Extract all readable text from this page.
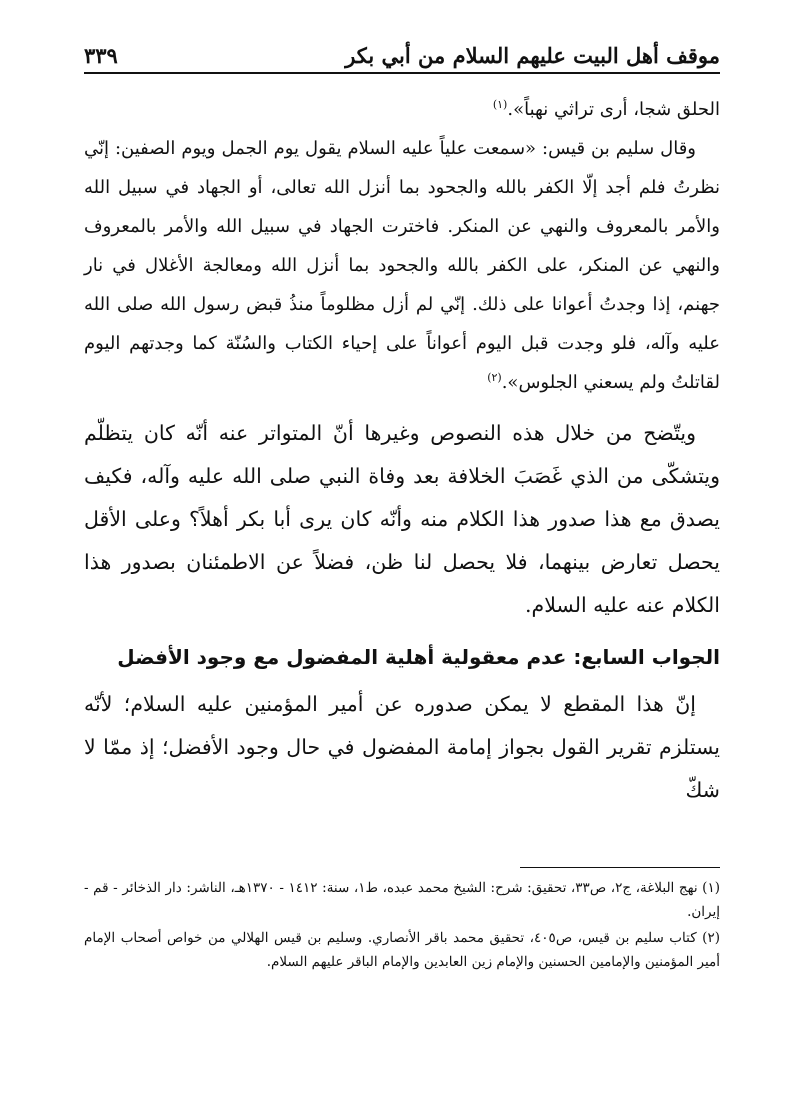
موقف أهل البيت عليهم السلام من أبي بكر
٣٣٩

الحلق شجا، أرى تراثي نهباً».$^{(١)}$

وقال سليم بن قيس: «سمعت علياً عليه السلام يقول يوم الجمل ويوم الصفين: إنّي نظرتُ فلم أجد إلّا الكفر بالله والجحود بما أنزل الله تعالى، أو الجهاد في سبيل الله والأمر بالمعروف والنهي عن المنكر. فاخترت الجهاد في سبيل الله والأمر بالمعروف والنهي عن المنكر، على الكفر بالله والجحود بما أنزل الله ومعالجة الأغلال في نار جهنم، إذا وجدتُ أعوانا على ذلك. إنّي لم أزل مظلوماً منذُ قبض رسول الله صلى الله عليه وآله، فلو وجدت قبل اليوم أعواناً على إحياء الكتاب والسُنّة كما وجدتهم اليوم لقاتلتُ ولم يسعني الجلوس».$^{(٢)}$

ويتّضح من خلال هذه النصوص وغيرها أنّ المتواتر عنه أنّه كان يتظلّم ويتشكّى من الذي غَصَبَ الخلافة بعد وفاة النبي صلى الله عليه وآله، فكيف يصدق مع هذا صدور هذا الكلام منه وأنّه كان يرى أبا بكر أهلاً؟ وعلى الأقل يحصل تعارض بينهما، فلا يحصل لنا ظن، فضلاً عن الاطمئنان بصدور هذا الكلام عنه عليه السلام.

الجواب السابع: عدم معقولية أهلية المفضول مع وجود الأفضل

إنّ هذا المقطع لا يمكن صدوره عن أمير المؤمنين عليه السلام؛ لأنّه يستلزم تقرير القول بجواز إمامة المفضول في حال وجود الأفضل؛ إذ ممّا لا شكّ

(١) نهج البلاغة، ج٢، ص٣٣، تحقيق: شرح: الشيخ محمد عبده، ط١، سنة: ١٤١٢ - ١٣٧٠هـ، الناشر: دار الذخائر - قم - إيران.

(٢) كتاب سليم بن قيس، ص٤٠٥، تحقيق محمد باقر الأنصاري. وسليم بن قيس الهلالي من خواص أصحاب الإمام أمير المؤمنين والإمامين الحسنين والإمام زين العابدين والإمام الباقر عليهم السلام.
